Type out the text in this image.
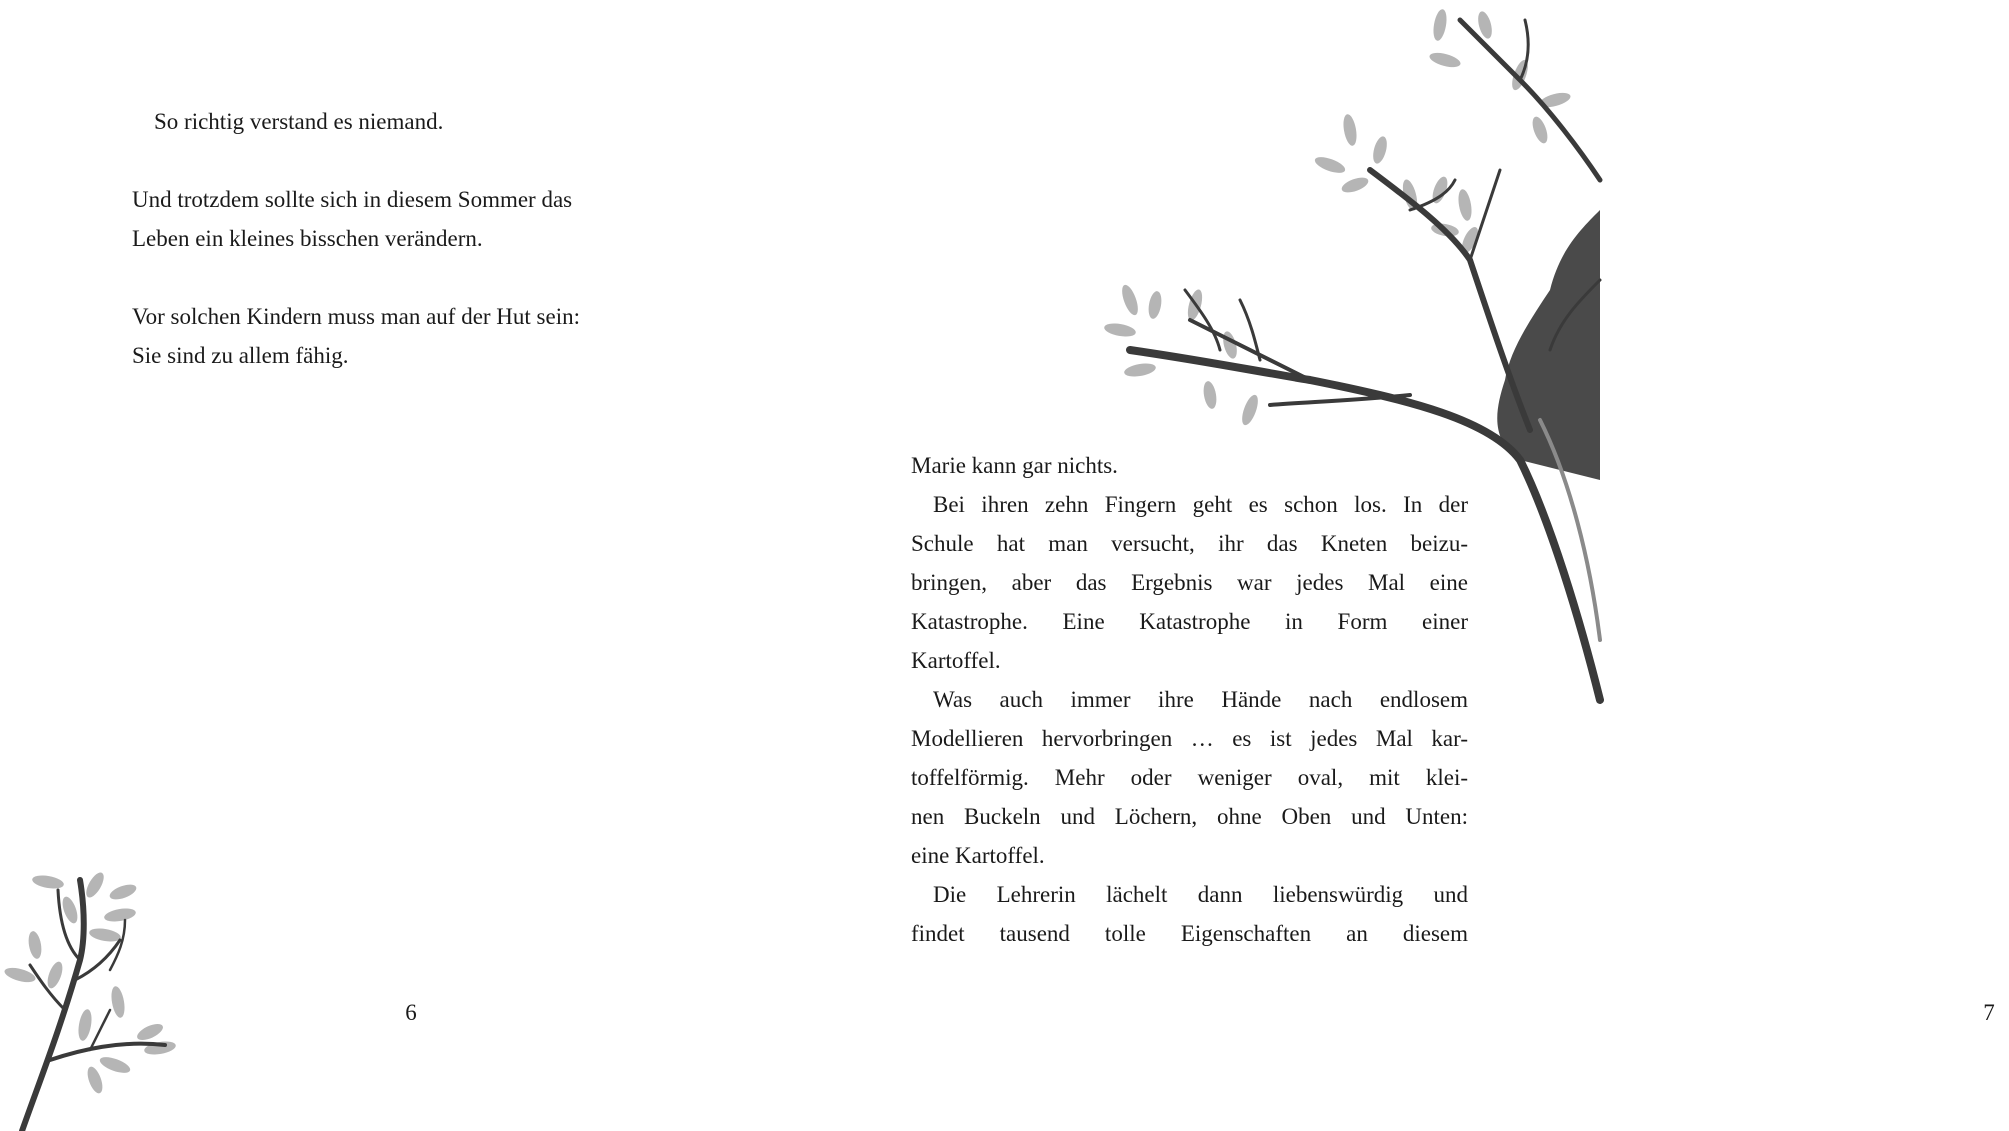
So richtig verstand es niemand.

Und trotzdem sollte sich in diesem Sommer das

Leben ein kleines bisschen verändern.

Vor solchen Kindern muss man auf der Hut sein:

Sie sind zu allem fähig.

6
Marie kann gar nichts.
Bei ihren zehn Fingern geht es schon los. In der
Schule hat man versucht, ihr das Kneten beizu-
bringen, aber das Ergebnis war jedes Mal eine
Katastrophe. Eine Katastrophe in Form einer
Kartoffel.
Was auch immer ihre Hände nach endlosem
Modellieren hervorbringen … es ist jedes Mal kar-
toffelförmig. Mehr oder weniger oval, mit klei-
nen Buckeln und Löchern, ohne Oben und Unten:
eine Kartoffel.
Die Lehrerin lächelt dann liebenswürdig und
findet tausend tolle Eigenschaften an diesem
7
